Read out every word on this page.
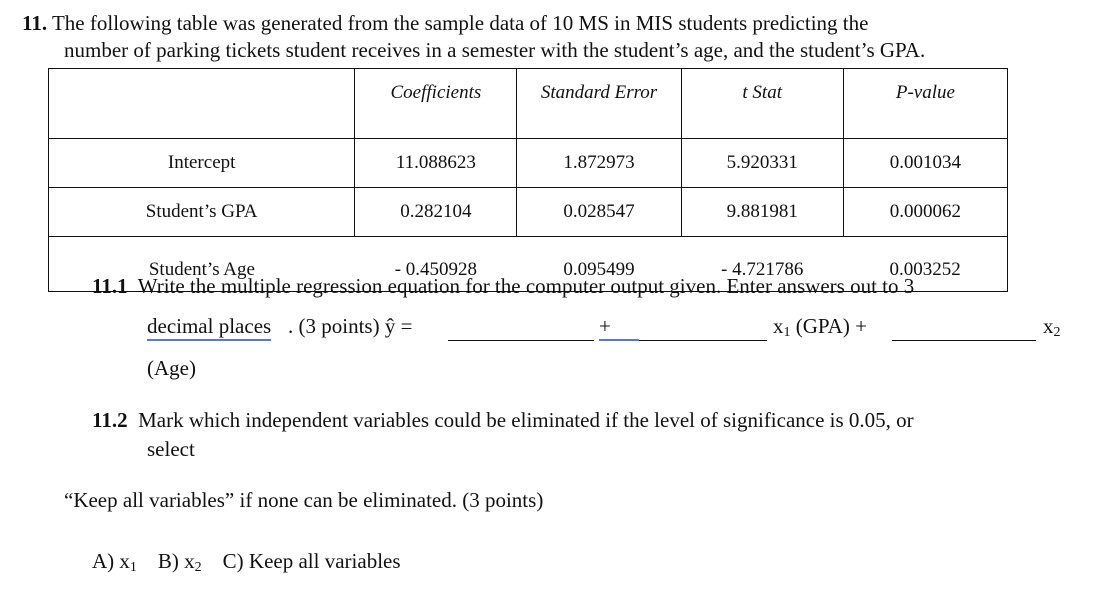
11. The following table was generated from the sample data of 10 MS in MIS students predicting the
number of parking tickets student receives in a semester with the student’s age, and the student’s GPA.
	Coefficients	Standard Error	t Stat	P-value
Intercept	11.088623	1.872973	5.920331	0.001034
Student’s GPA	0.282104	0.028547	9.881981	0.000062
Student’s Age	- 0.450928	0.095499	- 4.721786	0.003252
11.1 Write the multiple regression equation for the computer output given. Enter answers out to 3
decimal places . (3 points) ŷ =	+	$x_1$ (GPA) +	$x_2$
(Age)
11.2 Mark which independent variables could be eliminated if the level of significance is 0.05, or
select
“Keep all variables” if none can be eliminated. (3 points)
A) $x_1$ B) $x_2$ C) Keep all variables
